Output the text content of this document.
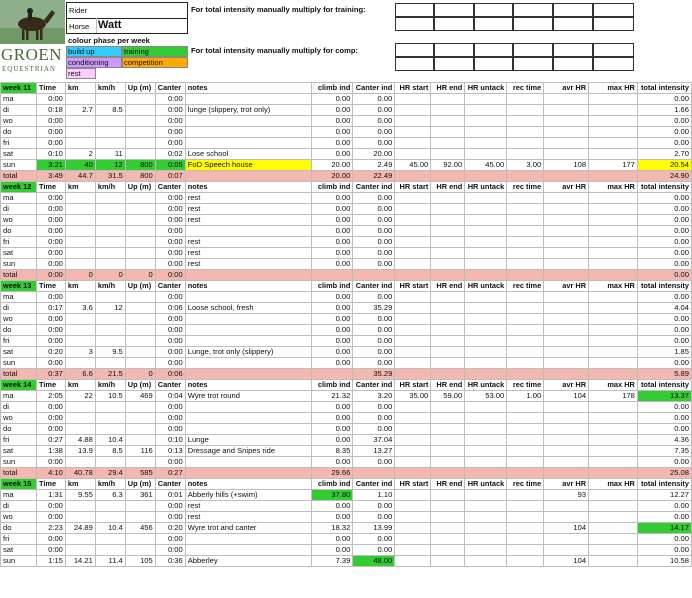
GROEN
EQUESTRIAN
Rider
Horse Watt
colour phase per week
build up	training
conditioning	competition
rest
For total intensity manually multiply for training:
For total intensity manually multiply for comp:
week 11	Time	km	km/h	Up (m)	Canter	notes	climb ind	Canter ind	HR start	HR end	HR untack	rec time	avr HR	max HR	total intensity
ma	0:00				0:00		0.00	0.00							0.00
di	0:18	2.7	8.5		0:00	lunge (slippery, trot only)	0.00	0.00							1.66
wo	0:00				0:00		0.00	0.00							0.00
do	0:00				0:00		0.00	0.00							0.00
fri	0:00				0:00		0.00	0.00							0.00
sat	0:10	2	11		0:02	Lose school	0.00	20.00							2.70
sun	3:21	40	12	800	0:05	FoD Speech house	20.00	2.49	45.00	92.00	45.00	3.00	108	177	20.54
total	3:49	44.7	31.5	800	0:07		20.00	22.49							24.90
week 12	Time	km	km/h	Up (m)	Canter	notes	climb ind	Canter ind	HR start	HR end	HR untack	rec time	avr HR	max HR	total intensity
ma	0:00				0:00	rest	0.00	0.00							0.00
di	0:00				0:00	rest	0.00	0.00							0.00
wo	0:00				0:00	rest	0.00	0.00							0.00
do	0:00				0:00		0.00	0.00							0.00
fri	0:00				0:00	rest	0.00	0.00							0.00
sat	0:00				0:00	rest	0.00	0.00							0.00
sun	0:00				0:00	rest	0.00	0.00							0.00
total	0:00	0	0	0	0:00										0.00
week 13	Time	km	km/h	Up (m)	Canter	notes	climb ind	Canter ind	HR start	HR end	HR untack	rec time	avr HR	max HR	total intensity
ma	0:00				0:00		0.00	0.00							0.00
di	0:17	3.6	12		0:06	Loose school, fresh	0.00	35.29							4.04
wo	0:00				0:00		0.00	0.00							0.00
do	0:00				0:00		0.00	0.00							0.00
fri	0:00				0:00		0.00	0.00							0.00
sat	0:20	3	9.5		0:00	Lunge, trot only (slippery)	0.00	0.00							1.85
sun	0:00				0:00		0.00	0.00							0.00
total	0:37	6.6	21.5	0	0:06			35.29							5.89
week 14	Time	km	km/h	Up (m)	Canter	notes	climb ind	Canter ind	HR start	HR end	HR untack	rec time	avr HR	max HR	total intensity
ma	2:05	22	10.5	469	0:04	Wyre trot round	21.32	3.20	35.00	59.00	53.00	1.00	104	178	13.37
di	0:00				0:00		0.00	0.00							0.00
wo	0:00				0:00		0.00	0.00							0.00
do	0:00				0:00		0.00	0.00							0.00
fri	0:27	4.88	10.4		0:10	Lunge	0.00	37.04							4.36
sat	1:38	13.9	8.5	116	0:13	Dressage and Snipes ride	8.35	13.27							7.35
sun	0:00				0:00		0.00	0.00							0.00
total	4:10	40.78	29.4	585	0:27		29.66								25.08
week 15	Time	km	km/h	Up (m)	Canter	notes	climb ind	Canter ind	HR start	HR end	HR untack	rec time	avr HR	max HR	total intensity
ma	1:31	9.55	6.3	361	0:01	Abberly hills (+swim)	37.80	1.10					93		12.27
di	0:00				0:00	rest	0.00	0.00							0.00
wo	0:00				0:00	rest	0.00	0.00							0.00
do	2:23	24.89	10.4	456	0:20	Wyre trot and canter	18.32	13.99					104		14.17
fri	0:00				0:00		0.00	0.00							0.00
sat	0:00				0:00		0.00	0.00							0.00
sun	1:15	14.21	11.4	105	0:36	Abberley	7.39	48.00					104		10.58
